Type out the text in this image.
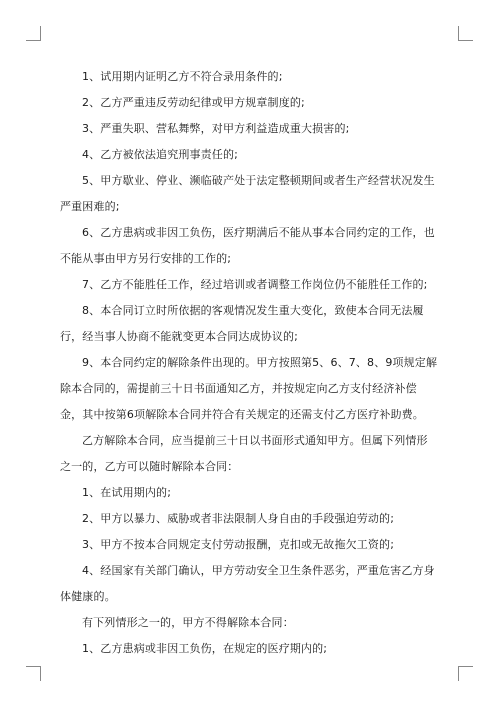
1、试用期内证明乙方不符合录用条件的;

2、乙方严重违反劳动纪律或甲方规章制度的;

3、严重失职、营私舞弊，对甲方利益造成重大损害的;

4、乙方被依法追究刑事责任的;

5、甲方歇业、停业、濒临破产处于法定整顿期间或者生产经营状况发生严重困难的;

6、乙方患病或非因工负伤，医疗期满后不能从事本合同约定的工作，也不能从事由甲方另行安排的工作的;

7、乙方不能胜任工作，经过培训或者调整工作岗位仍不能胜任工作的;

8、本合同订立时所依据的客观情况发生重大变化，致使本合同无法履行，经当事人协商不能就变更本合同达成协议的;

9、本合同约定的解除条件出现的。甲方按照第5、6、7、8、9项规定解除本合同的，需提前三十日书面通知乙方，并按规定向乙方支付经济补偿金，其中按第6项解除本合同并符合有关规定的还需支付乙方医疗补助费。

乙方解除本合同，应当提前三十日以书面形式通知甲方。但属下列情形之一的，乙方可以随时解除本合同：

1、在试用期内的;

2、甲方以暴力、威胁或者非法限制人身自由的手段强迫劳动的;

3、甲方不按本合同规定支付劳动报酬，克扣或无故拖欠工资的;

4、经国家有关部门确认，甲方劳动安全卫生条件恶劣，严重危害乙方身体健康的。

有下列情形之一的，甲方不得解除本合同：

1、乙方患病或非因工负伤，在规定的医疗期内的;
